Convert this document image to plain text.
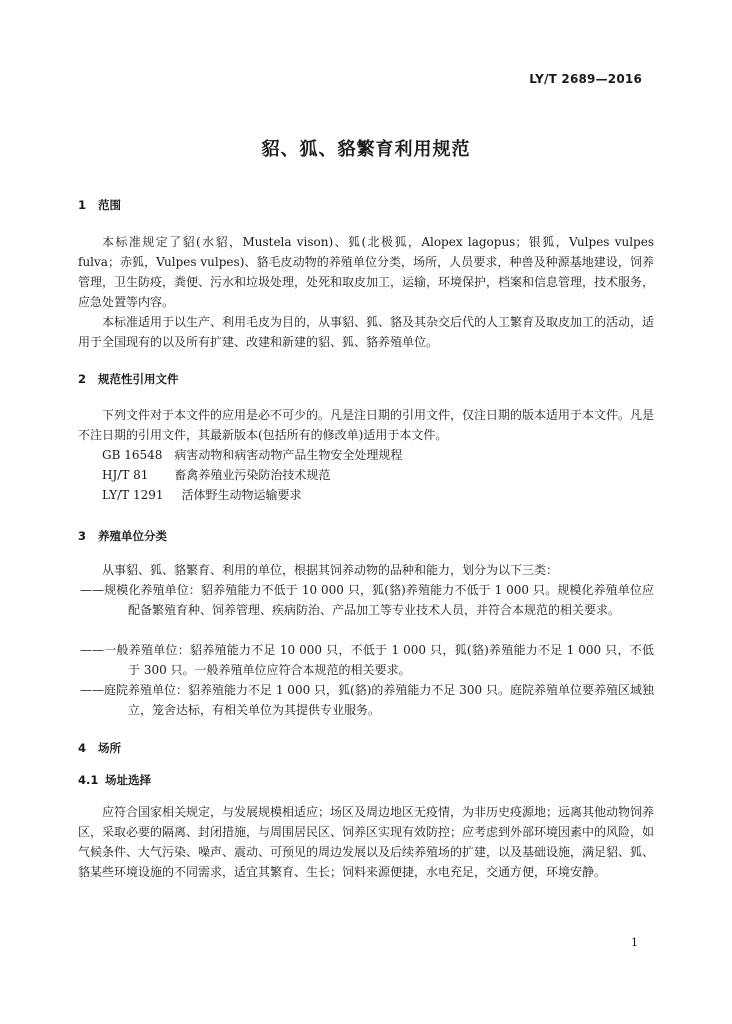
LY/T 2689—2016
貂、狐、貉繁育利用规范
1 范围
本标准规定了貂(水貂，Mustela vison)、狐(北极狐，Alopex lagopus；银狐，Vulpes vulpes fulva；赤狐，Vulpes vulpes)、貉毛皮动物的养殖单位分类，场所，人员要求，种兽及种源基地建设，饲养管理，卫生防疫，粪便、污水和垃圾处理，处死和取皮加工，运输，环境保护，档案和信息管理，技术服务，应急处置等内容。
本标准适用于以生产、利用毛皮为目的，从事貂、狐、貉及其杂交后代的人工繁育及取皮加工的活动，适用于全国现有的以及所有扩建、改建和新建的貂、狐、貉养殖单位。
2 规范性引用文件
下列文件对于本文件的应用是必不可少的。凡是注日期的引用文件，仅注日期的版本适用于本文件。凡是不注日期的引用文件，其最新版本(包括所有的修改单)适用于本文件。
GB 16548 病害动物和病害动物产品生物安全处理规程
HJ/T 81 畜禽养殖业污染防治技术规范
LY/T 1291 活体野生动物运输要求
3 养殖单位分类
从事貂、狐、貉繁育、利用的单位，根据其饲养动物的品种和能力，划分为以下三类：
——规模化养殖单位：貂养殖能力不低于 10 000 只，狐(貉)养殖能力不低于 1 000 只。规模化养殖单位应配备繁殖育种、饲养管理、疾病防治、产品加工等专业技术人员，并符合本规范的相关要求。
——一般养殖单位：貂养殖能力不足 10 000 只，不低于 1 000 只，狐(貉)养殖能力不足 1 000 只，不低于 300 只。一般养殖单位应符合本规范的相关要求。
——庭院养殖单位：貂养殖能力不足 1 000 只，狐(貉)的养殖能力不足 300 只。庭院养殖单位要养殖区域独立，笼舍达标，有相关单位为其提供专业服务。
4 场所
4.1 场址选择
应符合国家相关规定，与发展规模相适应；场区及周边地区无疫情，为非历史疫源地；远离其他动物饲养区，采取必要的隔离、封闭措施，与周围居民区、饲养区实现有效防控；应考虑到外部环境因素中的风险，如气候条件、大气污染、噪声、震动、可预见的周边发展以及后续养殖场的扩建，以及基础设施，满足貂、狐、貉某些环境设施的不同需求，适宜其繁育、生长；饲料来源便捷，水电充足，交通方便，环境安静。
1
